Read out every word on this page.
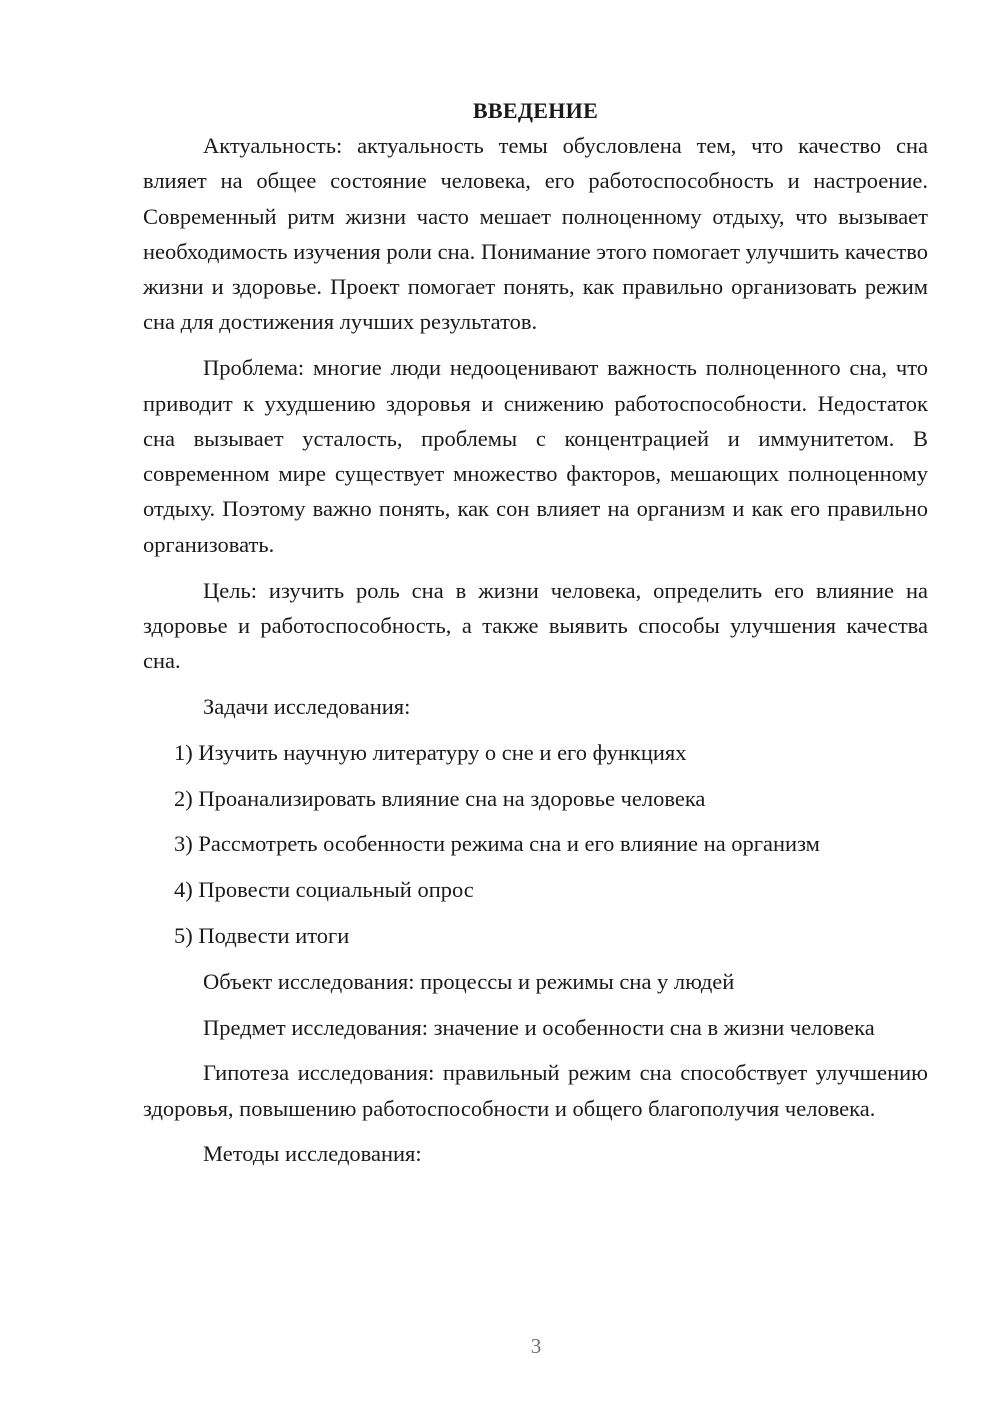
ВВЕДЕНИЕ

Актуальность: актуальность темы обусловлена тем, что качество сна влияет на общее состояние человека, его работоспособность и настроение. Современный ритм жизни часто мешает полноценному отдыху, что вызывает необходимость изучения роли сна. Понимание этого помогает улучшить качество жизни и здоровье. Проект помогает понять, как правильно организовать режим сна для достижения лучших результатов.

Проблема: многие люди недооценивают важность полноценного сна, что приводит к ухудшению здоровья и снижению работоспособности. Недостаток сна вызывает усталость, проблемы с концентрацией и иммунитетом. В современном мире существует множество факторов, мешающих полноценному отдыху. Поэтому важно понять, как сон влияет на организм и как его правильно организовать.

Цель: изучить роль сна в жизни человека, определить его влияние на здоровье и работоспособность, а также выявить способы улучшения качества сна.

Задачи исследования:

1) Изучить научную литературу о сне и его функциях
2) Проанализировать влияние сна на здоровье человека
3) Рассмотреть особенности режима сна и его влияние на организм
4) Провести социальный опрос
5) Подвести итоги

Объект исследования: процессы и режимы сна у людей

Предмет исследования: значение и особенности сна в жизни человека

Гипотеза исследования: правильный режим сна способствует улучшению здоровья, повышению работоспособности и общего благополучия человека.

Методы исследования:

3
